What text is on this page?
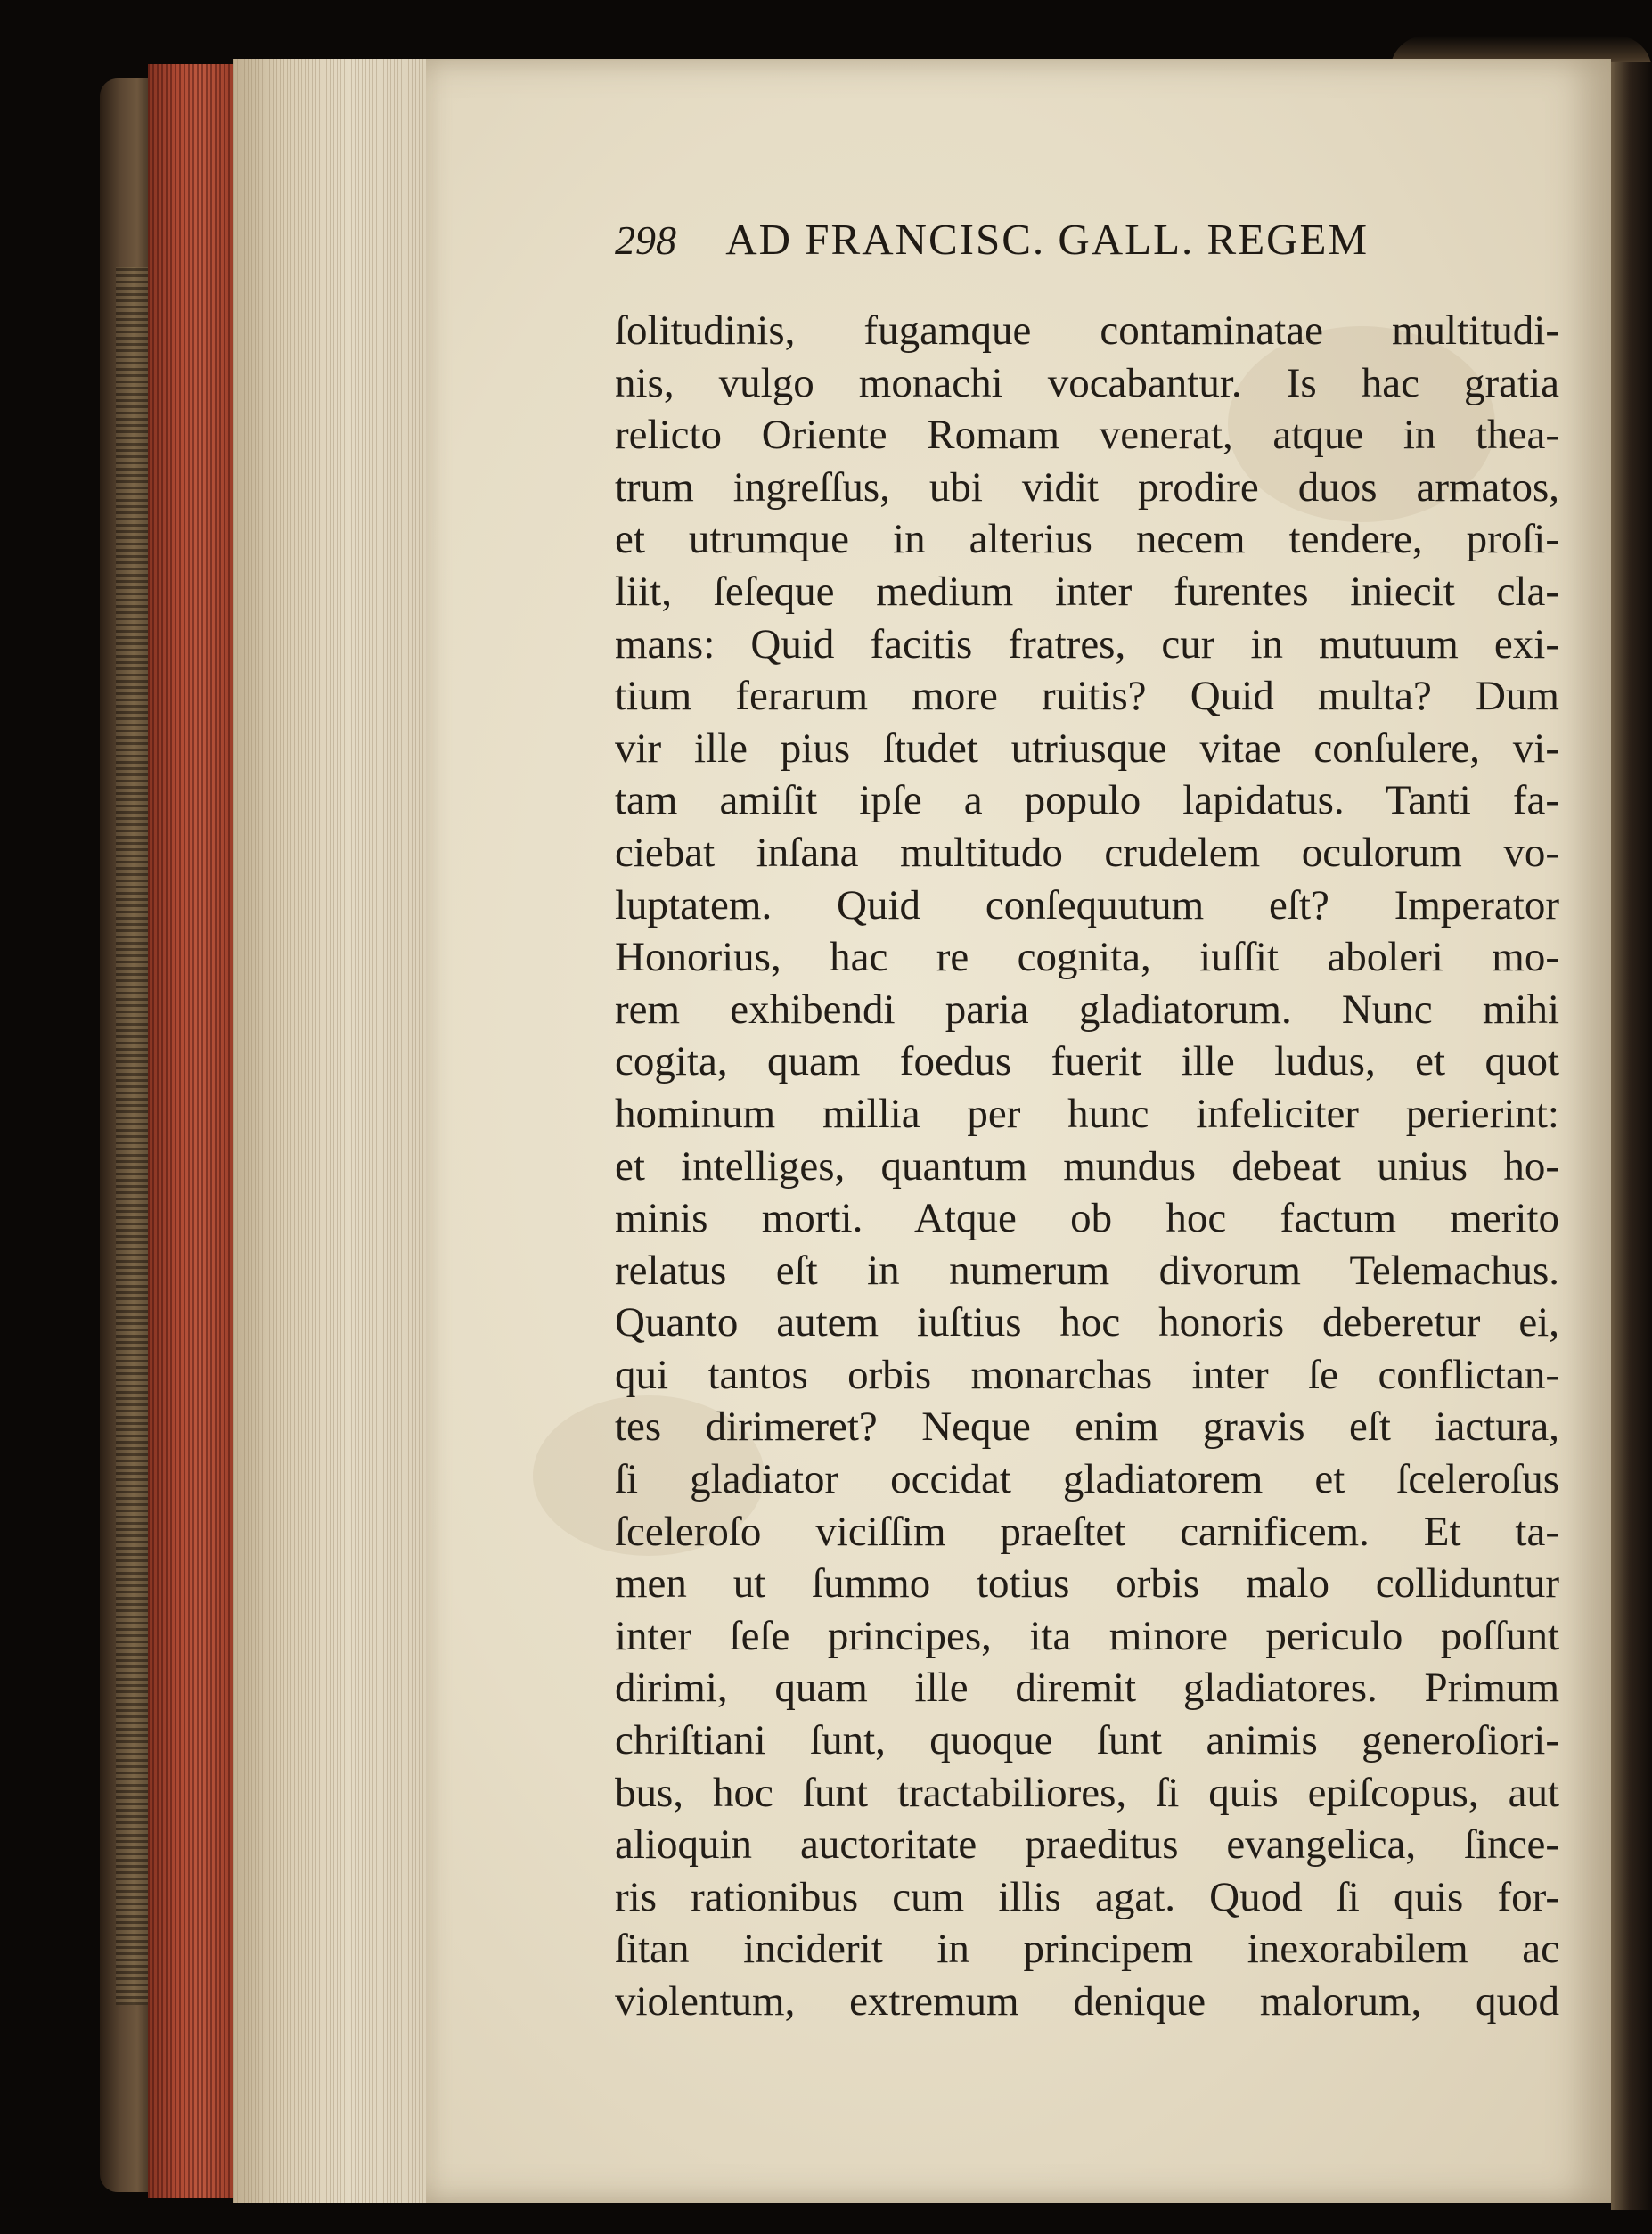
298 AD FRANCISC. GALL. REGEM
ſolitudinis, fugamque contaminatae multitudi-
nis, vulgo monachi vocabantur. Is hac gratia
relicto Oriente Romam venerat, atque in thea-
trum ingreſſus, ubi vidit prodire duos armatos,
et utrumque in alterius necem tendere, proſi-
liit, ſeſeque medium inter furentes iniecit cla-
mans: Quid facitis fratres, cur in mutuum exi-
tium ferarum more ruitis? Quid multa? Dum
vir ille pius ſtudet utriusque vitae conſulere, vi-
tam amiſit ipſe a populo lapidatus. Tanti fa-
ciebat inſana multitudo crudelem oculorum vo-
luptatem. Quid conſequutum eſt? Imperator
Honorius, hac re cognita, iuſſit aboleri mo-
rem exhibendi paria gladiatorum. Nunc mihi
cogita, quam foedus fuerit ille ludus, et quot
hominum millia per hunc infeliciter perierint:
et intelliges, quantum mundus debeat unius ho-
minis morti. Atque ob hoc factum merito
relatus eſt in numerum divorum Telemachus.
Quanto autem iuſtius hoc honoris deberetur ei,
qui tantos orbis monarchas inter ſe conflictan-
tes dirimeret? Neque enim gravis eſt iactura,
ſi gladiator occidat gladiatorem et ſceleroſus
ſceleroſo viciſſim praeſtet carnificem. Et ta-
men ut ſummo totius orbis malo colliduntur
inter ſeſe principes, ita minore periculo poſſunt
dirimi, quam ille diremit gladiatores. Primum
chriſtiani ſunt, quoque ſunt animis generoſiori-
bus, hoc ſunt tractabiliores, ſi quis epiſcopus, aut
alioquin auctoritate praeditus evangelica, ſince-
ris rationibus cum illis agat. Quod ſi quis for-
ſitan inciderit in principem inexorabilem ac
violentum, extremum denique malorum, quod
